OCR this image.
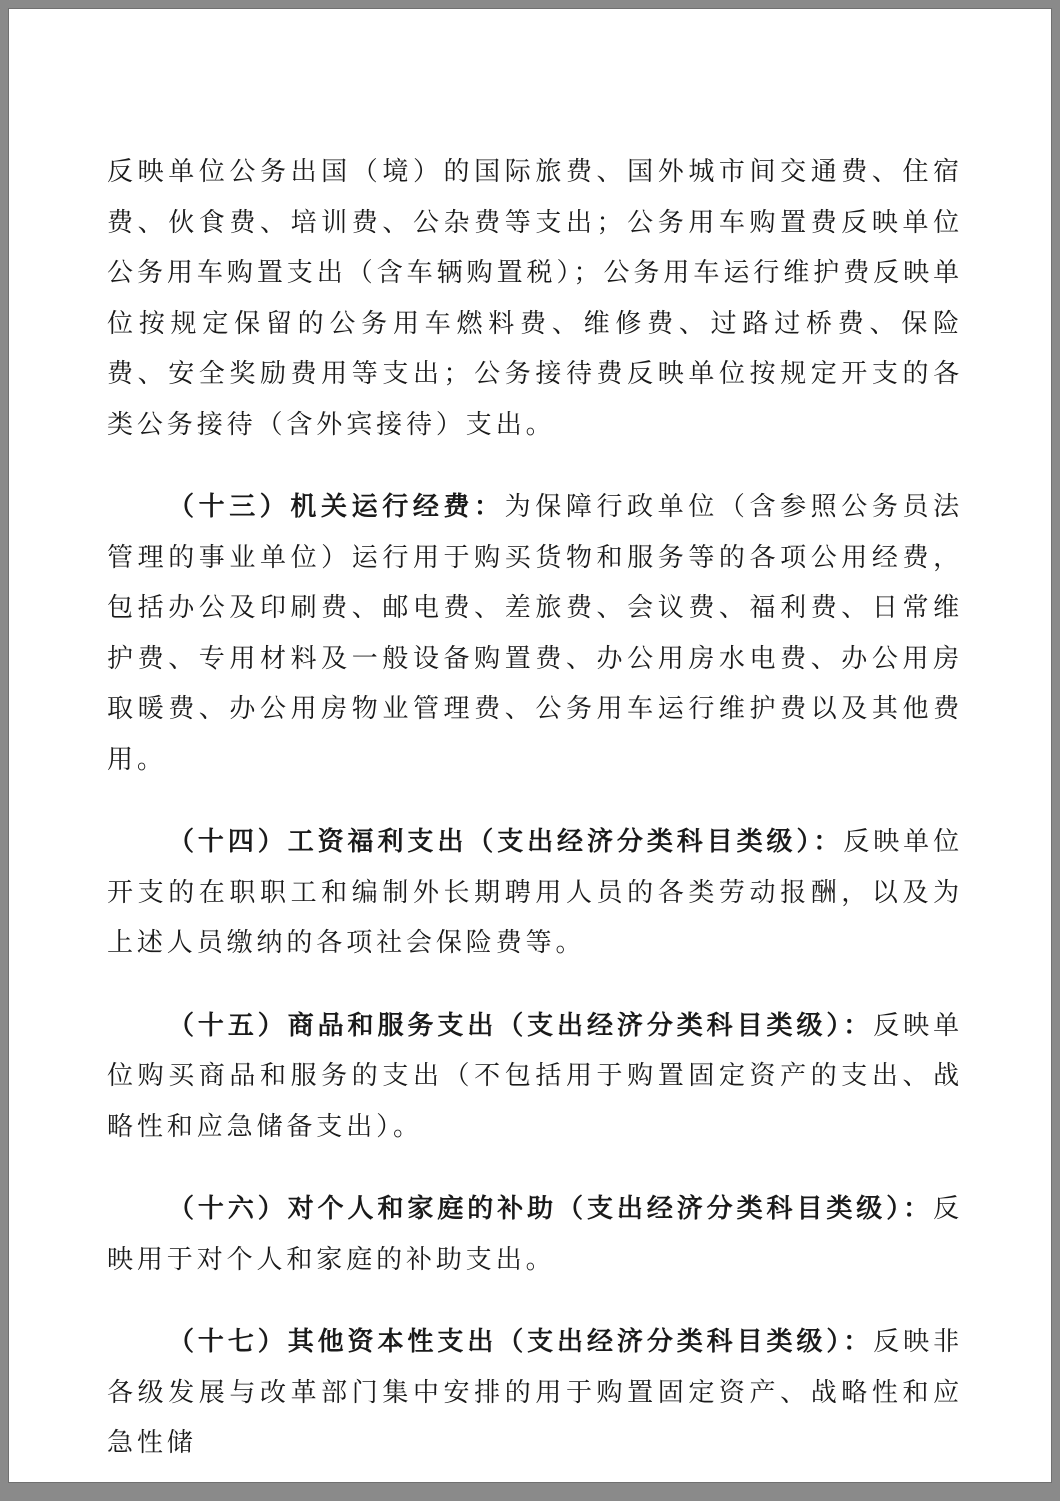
反映单位公务出国（境）的国际旅费、国外城市间交通费、住宿费、伙食费、培训费、公杂费等支出；公务用车购置费反映单位公务用车购置支出（含车辆购置税）；公务用车运行维护费反映单位按规定保留的公务用车燃料费、维修费、过路过桥费、保险费、安全奖励费用等支出；公务接待费反映单位按规定开支的各类公务接待（含外宾接待）支出。

（十三）机关运行经费：为保障行政单位（含参照公务员法管理的事业单位）运行用于购买货物和服务等的各项公用经费，包括办公及印刷费、邮电费、差旅费、会议费、福利费、日常维护费、专用材料及一般设备购置费、办公用房水电费、办公用房取暖费、办公用房物业管理费、公务用车运行维护费以及其他费用。

（十四）工资福利支出（支出经济分类科目类级）：反映单位开支的在职职工和编制外长期聘用人员的各类劳动报酬，以及为上述人员缴纳的各项社会保险费等。

（十五）商品和服务支出（支出经济分类科目类级）：反映单位购买商品和服务的支出（不包括用于购置固定资产的支出、战略性和应急储备支出）。

（十六）对个人和家庭的补助（支出经济分类科目类级）：反映用于对个人和家庭的补助支出。

（十七）其他资本性支出（支出经济分类科目类级）：反映非各级发展与改革部门集中安排的用于购置固定资产、战略性和应急性储
